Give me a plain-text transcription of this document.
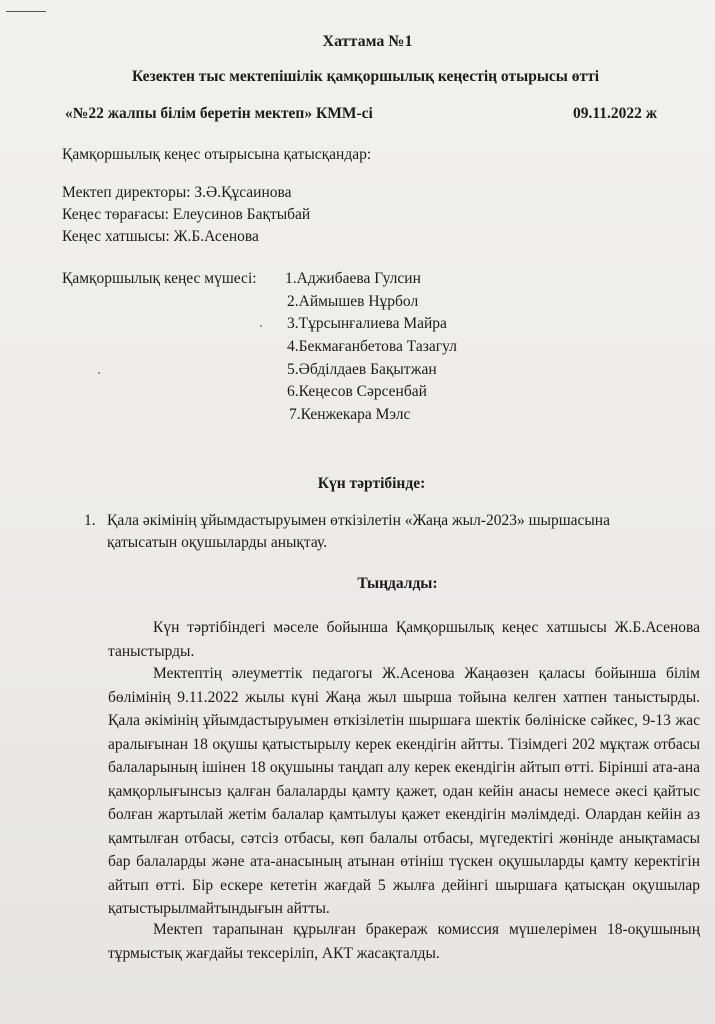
Хаттама №1
Кезектен тыс мектепішілік қамқоршылық кеңестің отырысы өтті
«№22 жалпы білім беретін мектеп» КММ-сі	09.11.2022 ж
Қамқоршылық кеңес отырысына қатысқандар:
Мектеп директоры: З.Ә.Құсаинова
Кеңес төрағасы: Елеусинов Бақтыбай
Кеңес хатшысы: Ж.Б.Асенова
Қамқоршылық кеңес мүшесі: 1.Аджибаева Гулсин
2.Аймышев Нұрбол
3.Тұрсынғалиева Майра
4.Бекмағанбетова Тазагул
5.Әбділдаев Бақытжан
6.Кеңесов Сәрсенбай
7.Кенжекара Мэлс
Күн тәртібінде:
1. Қала әкімінің ұйымдастыруымен өткізілетін «Жаңа жыл-2023» шыршасына қатысатын оқушыларды анықтау.
Тыңдалды:
Күн тәртібіндегі мәселе бойынша Қамқоршылық кеңес хатшысы Ж.Б.Асенова таныстырды.
Мектептің әлеуметтік педагогы Ж.Асенова Жаңаөзен қаласы бойынша білім бөлімінің 9.11.2022 жылы күні Жаңа жыл шырша тойына келген хатпен таныстырды. Қала әкімінің ұйымдастыруымен өткізілетін шыршаға шектік бөлініске сәйкес, 9-13 жас аралығынан 18 оқушы қатыстырылу керек екендігін айтты. Тізімдегі 202 мұқтаж отбасы балаларының ішінен 18 оқушыны таңдап алу керек екендігін айтып өтті. Бірінші ата-ана қамқорлығынсыз қалған балаларды қамту қажет, одан кейін анасы немесе әкесі қайтыс болған жартылай жетім балалар қамтылуы қажет екендігін мәлімдеді. Олардан кейін аз қамтылған отбасы, сәтсіз отбасы, көп балалы отбасы, мүгедектігі жөнінде анықтамасы бар балаларды және ата-анасының атынан өтініш түскен оқушыларды қамту керектігін айтып өтті. Бір ескере кететін жағдай 5 жылға дейінгі шыршаға қатысқан оқушылар қатыстырылмайтындығын айтты.
Мектеп тарапынан құрылған бракераж комиссия мүшелерімен 18-оқушының тұрмыстық жағдайы тексеріліп, АКТ жасақталды.
